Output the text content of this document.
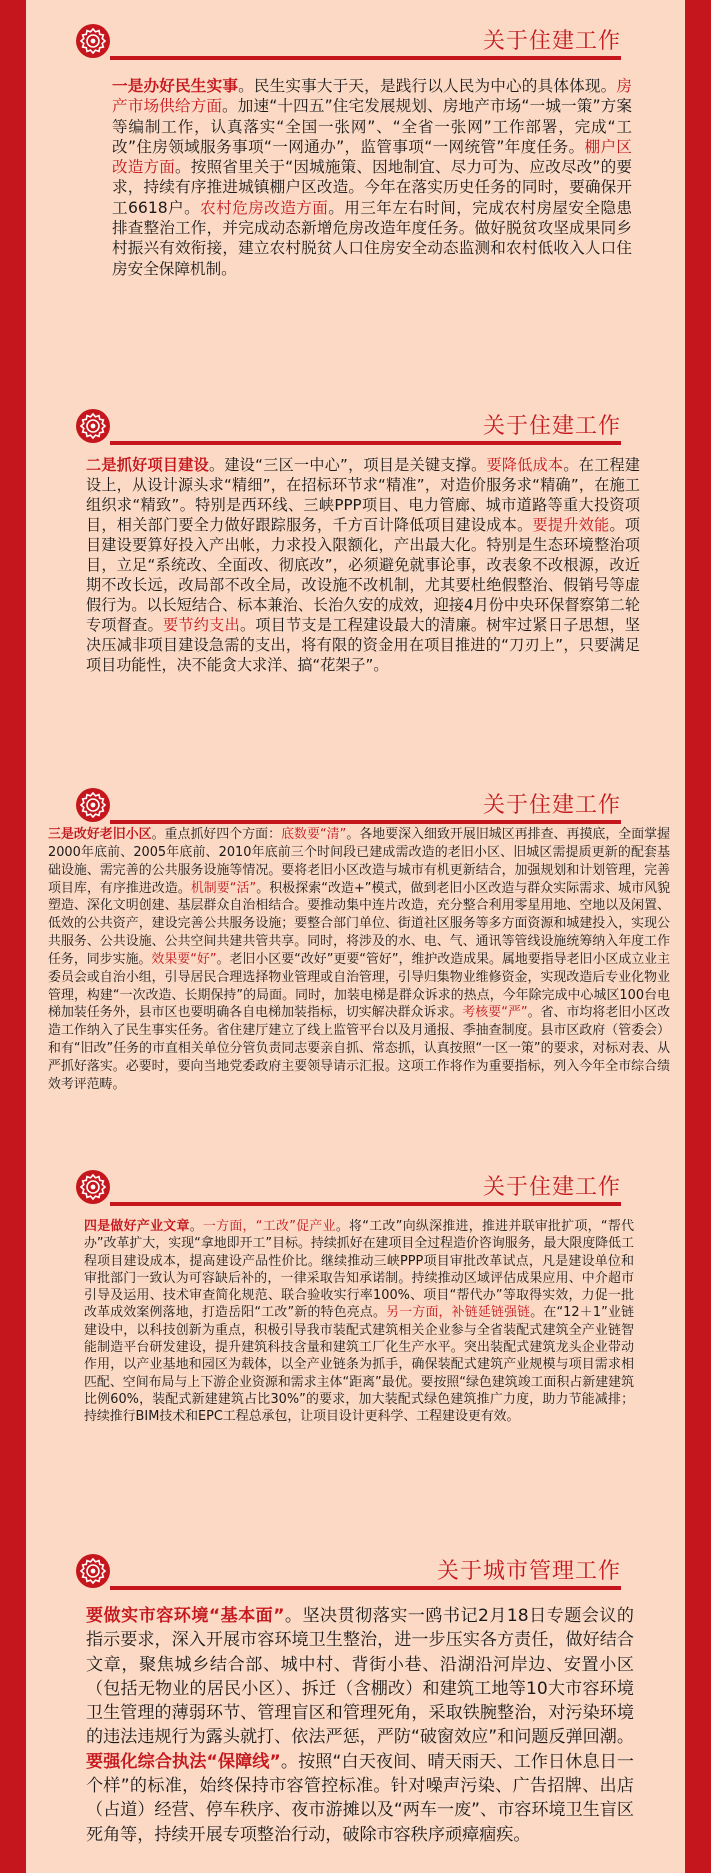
关于住建工作
一是办好民生实事。民生实事大于天，是践行以人民为中心的具体体现。房产市场供给方面。加速“十四五”住宅发展规划、房地产市场“一城一策”方案等编制工作，认真落实“全国一张网”、“全省一张网”工作部署，完成“工改”住房领域服务事项“一网通办”，监管事项“一网统管”年度任务。棚户区改造方面。按照省里关于“因城施策、因地制宜、尽力可为、应改尽改”的要求，持续有序推进城镇棚户区改造。今年在落实历史任务的同时，要确保开工6618户。农村危房改造方面。用三年左右时间，完成农村房屋安全隐患排查整治工作，并完成动态新增危房改造年度任务。做好脱贫攻坚成果同乡村振兴有效衔接，建立农村脱贫人口住房安全动态监测和农村低收入人口住房安全保障机制。
关于住建工作
二是抓好项目建设。建设“三区一中心”，项目是关键支撑。要降低成本。在工程建设上，从设计源头求“精细”，在招标环节求“精准”，对造价服务求“精确”，在施工组织求“精致”。特别是西环线、三峡PPP项目、电力管廊、城市道路等重大投资项目，相关部门要全力做好跟踪服务，千方百计降低项目建设成本。要提升效能。项目建设要算好投入产出帐，力求投入限额化，产出最大化。特别是生态环境整治项目，立足“系统改、全面改、彻底改”，必须避免就事论事，改表象不改根源，改近期不改长远，改局部不改全局，改设施不改机制，尤其要杜绝假整治、假销号等虚假行为。以长短结合、标本兼治、长治久安的成效，迎接4月份中央环保督察第二轮专项督查。要节约支出。项目节支是工程建设最大的清廉。树牢过紧日子思想，坚决压减非项目建设急需的支出，将有限的资金用在项目推进的“刀刃上”，只要满足项目功能性，决不能贪大求洋、搞“花架子”。
关于住建工作
三是改好老旧小区。重点抓好四个方面：底数要“清”。各地要深入细致开展旧城区再排查、再摸底，全面掌握2000年底前、2005年底前、2010年底前三个时间段已建成需改造的老旧小区、旧城区需提质更新的配套基础设施、需完善的公共服务设施等情况。要将老旧小区改造与城市有机更新结合，加强规划和计划管理，完善项目库，有序推进改造。机制要“活”。积极探索“改造+”模式，做到老旧小区改造与群众实际需求、城市风貌塑造、深化文明创建、基层群众自治相结合。要推动集中连片改造，充分整合利用零星用地、空地以及闲置、低效的公共资产，建设完善公共服务设施；要整合部门单位、街道社区服务等多方面资源和城建投入，实现公共服务、公共设施、公共空间共建共管共享。同时，将涉及的水、电、气、通讯等管线设施统筹纳入年度工作任务，同步实施。效果要“好”。老旧小区要“改好”更要“管好”，维护改造成果。属地要指导老旧小区成立业主委员会或自治小组，引导居民合理选择物业管理或自治管理，引导归集物业维修资金，实现改造后专业化物业管理，构建“一次改造、长期保持”的局面。同时，加装电梯是群众诉求的热点，今年除完成中心城区100台电梯加装任务外，县市区也要明确各自电梯加装指标，切实解决群众诉求。考核要“严”。省、市均将老旧小区改造工作纳入了民生事实任务。省住建厅建立了线上监管平台以及月通报、季抽查制度。县市区政府（管委会）和有“旧改”任务的市直相关单位分管负责同志要亲自抓、常态抓，认真按照“一区一策”的要求，对标对表、从严抓好落实。必要时，要向当地党委政府主要领导请示汇报。这项工作将作为重要指标，列入今年全市综合绩效考评范畴。
关于住建工作
四是做好产业文章。一方面，“工改”促产业。将“工改”向纵深推进，推进并联审批扩项，“帮代办”改革扩大，实现“拿地即开工”目标。持续抓好在建项目全过程造价咨询服务，最大限度降低工程项目建设成本，提高建设产品性价比。继续推动三峡PPP项目审批改革试点，凡是建设单位和审批部门一致认为可容缺后补的，一律采取告知承诺制。持续推动区域评估成果应用、中介超市引导及运用、技术审查简化规范、联合验收实行率100%、项目“帮代办”等取得实效，力促一批改革成效案例落地，打造岳阳“工改”新的特色亮点。另一方面，补链延链强链。在“12＋1”业链建设中，以科技创新为重点，积极引导我市装配式建筑相关企业参与全省装配式建筑全产业链智能制造平台研发建设，提升建筑科技含量和建筑工厂化生产水平。突出装配式建筑龙头企业带动作用，以产业基地和园区为载体，以全产业链条为抓手，确保装配式建筑产业规模与项目需求相匹配、空间布局与上下游企业资源和需求主体“距离”最优。要按照“绿色建筑竣工面积占新建建筑比例60%，装配式新建建筑占比30%”的要求，加大装配式绿色建筑推广力度，助力节能减排；持续推行BIM技术和EPC工程总承包，让项目设计更科学、工程建设更有效。
关于城市管理工作
要做实市容环境“基本面”。坚决贯彻落实一鸥书记2月18日专题会议的指示要求，深入开展市容环境卫生整治，进一步压实各方责任，做好结合文章，聚焦城乡结合部、城中村、背街小巷、沿湖沿河岸边、安置小区（包括无物业的居民小区）、拆迁（含棚改）和建筑工地等10大市容环境卫生管理的薄弱环节、管理盲区和管理死角，采取铁腕整治，对污染环境的违法违规行为露头就打、依法严惩，严防“破窗效应”和问题反弹回潮。要强化综合执法“保障线”。按照“白天夜间、晴天雨天、工作日休息日一个样”的标准，始终保持市容管控标准。针对噪声污染、广告招牌、出店（占道）经营、停车秩序、夜市游摊以及“两车一废”、市容环境卫生盲区死角等，持续开展专项整治行动，破除市容秩序顽瘴痼疾。
